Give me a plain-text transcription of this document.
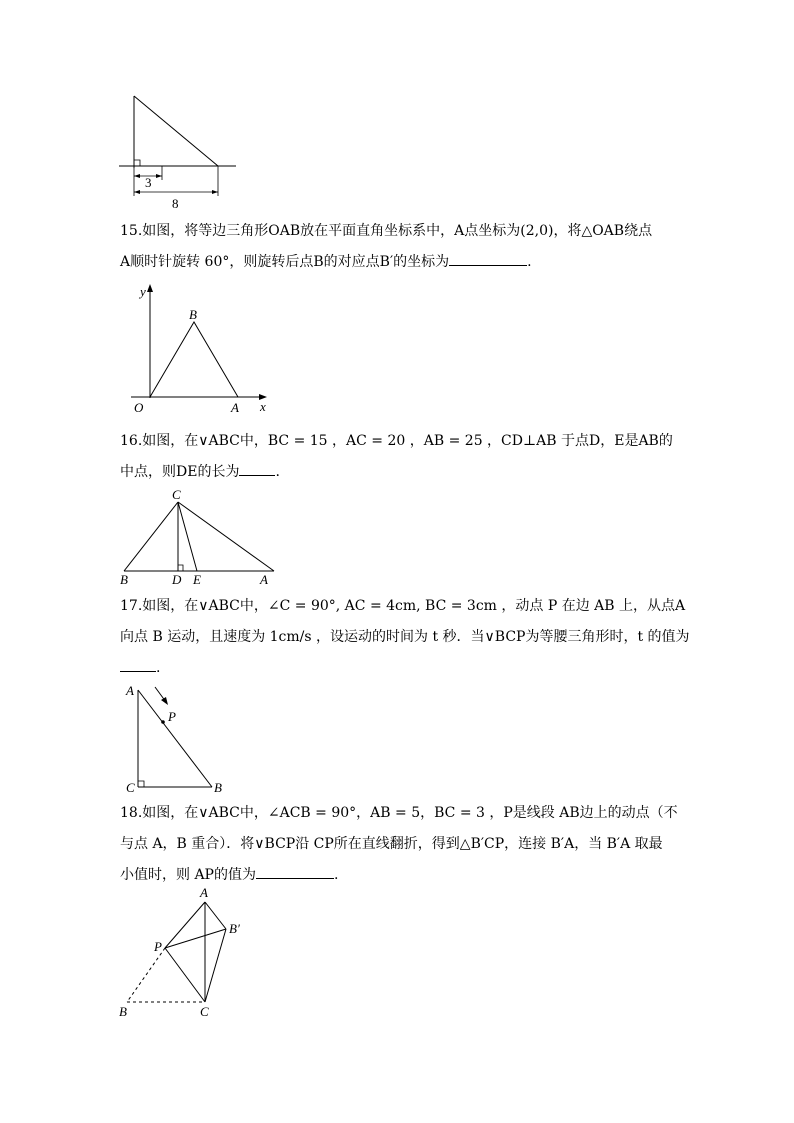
3
8
15.如图，将等边三角形OAB放在平面直角坐标系中，A点坐标为(2,0)，将△OAB绕点
A顺时针旋转 60°，则旋转后点B的对应点B′的坐标为	.
y
x
O	A
B
16.如图，在∨ABC中，BC = 15 ，AC = 20 ，AB = 25 ，CD⊥AB 于点D，E是AB的
中点，则DE的长为	.
C
B	D E	A
17.如图，在∨ABC中，∠C = 90°, AC = 4cm, BC = 3cm ，动点 P 在边 AB 上，从点A
向点 B 运动，且速度为 1cm/s ，设运动的时间为 t 秒．当∨BCP为等腰三角形时，t 的值为
.
A
P
C	B
18.如图，在∨ABC中，∠ACB = 90°，AB = 5，BC = 3 ，P是线段 AB边上的动点（不
与点 A，B 重合）．将∨BCP沿 CP所在直线翻折，得到△B′CP，连接 B′A，当 B′A 取最
小值时，则 AP的值为	.
A
B′
P
B	C
